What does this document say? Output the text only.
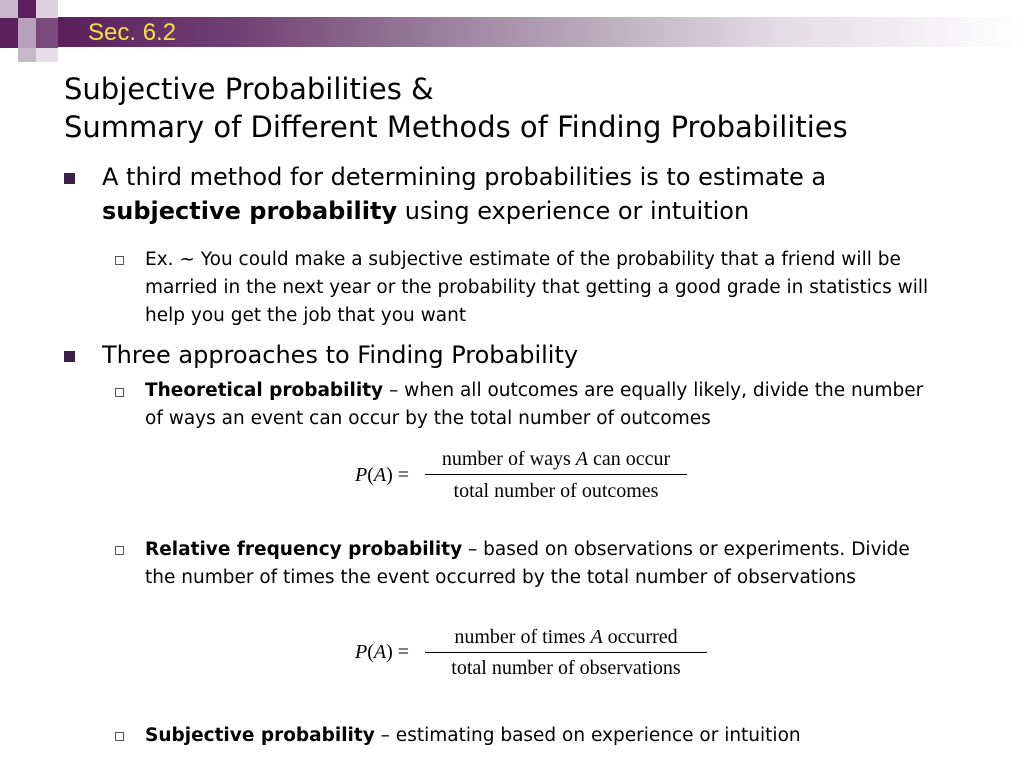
Sec. 6.2
Subjective Probabilities &
Summary of Different Methods of Finding Probabilities
A third method for determining probabilities is to estimate a
subjective probability using experience or intuition
Ex. ~ You could make a subjective estimate of the probability that a friend will be married in the next year or the probability that getting a good grade in statistics will help you get the job that you want
Three approaches to Finding Probability
Theoretical probability – when all outcomes are equally likely, divide the number of ways an event can occur by the total number of outcomes
P(A) =
number of ways A can occur
total number of outcomes
Relative frequency probability – based on observations or experiments. Divide the number of times the event occurred by the total number of observations
P(A) =
number of times A occurred
total number of observations
Subjective probability – estimating based on experience or intuition
